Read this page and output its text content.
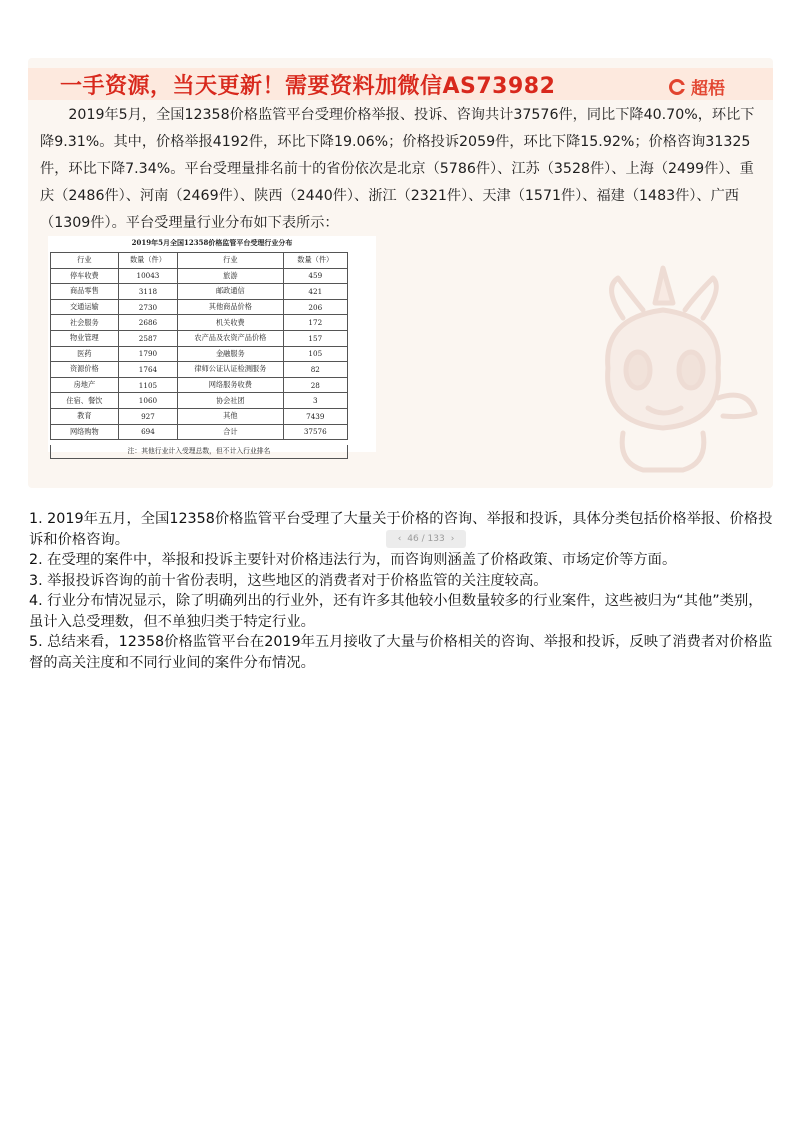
一手资源，当天更新！需要资料加微信AS73982	超梧
2019年5月，全国12358价格监管平台受理价格举报、投诉、咨询共计37576件，同比下降40.70%，环比下降9.31%。其中，价格举报4192件，环比下降19.06%；价格投诉2059件，环比下降15.92%；价格咨询31325件，环比下降7.34%。平台受理量排名前十的省份依次是北京（5786件）、江苏（3528件）、上海（2499件）、重庆（2486件）、河南（2469件）、陕西（2440件）、浙江（2321件）、天津（1571件）、福建（1483件）、广西（1309件）。平台受理量行业分布如下表所示：
2019年5月全国12358价格监管平台受理行业分布
行业	数量（件）	行业	数量（件）
停车收费	10043	旅游	459
商品零售	3118	邮政通信	421
交通运输	2730	其他商品价格	206
社会服务	2686	机关收费	172
物业管理	2587	农产品及农资产品价格	157
医药	1790	金融服务	105
资源价格	1764	律师公证认证检测服务	82
房地产	1105	网络服务收费	28
住宿、餐饮	1060	协会社团	3
教育	927	其他	7439
网络购物	694	合计	37576
注：其他行业计入受理总数，但不计入行业排名
‹ 46 / 133 ›

1. 2019年五月，全国12358价格监管平台受理了大量关于价格的咨询、举报和投诉，具体分类包括价格举报、价格投诉和价格咨询。

2. 在受理的案件中，举报和投诉主要针对价格违法行为，而咨询则涵盖了价格政策、市场定价等方面。

3. 举报投诉咨询的前十省份表明，这些地区的消费者对于价格监管的关注度较高。

4. 行业分布情况显示，除了明确列出的行业外，还有许多其他较小但数量较多的行业案件，这些被归为“其他”类别，虽计入总受理数，但不单独归类于特定行业。

5. 总结来看，12358价格监管平台在2019年五月接收了大量与价格相关的咨询、举报和投诉，反映了消费者对价格监督的高关注度和不同行业间的案件分布情况。
